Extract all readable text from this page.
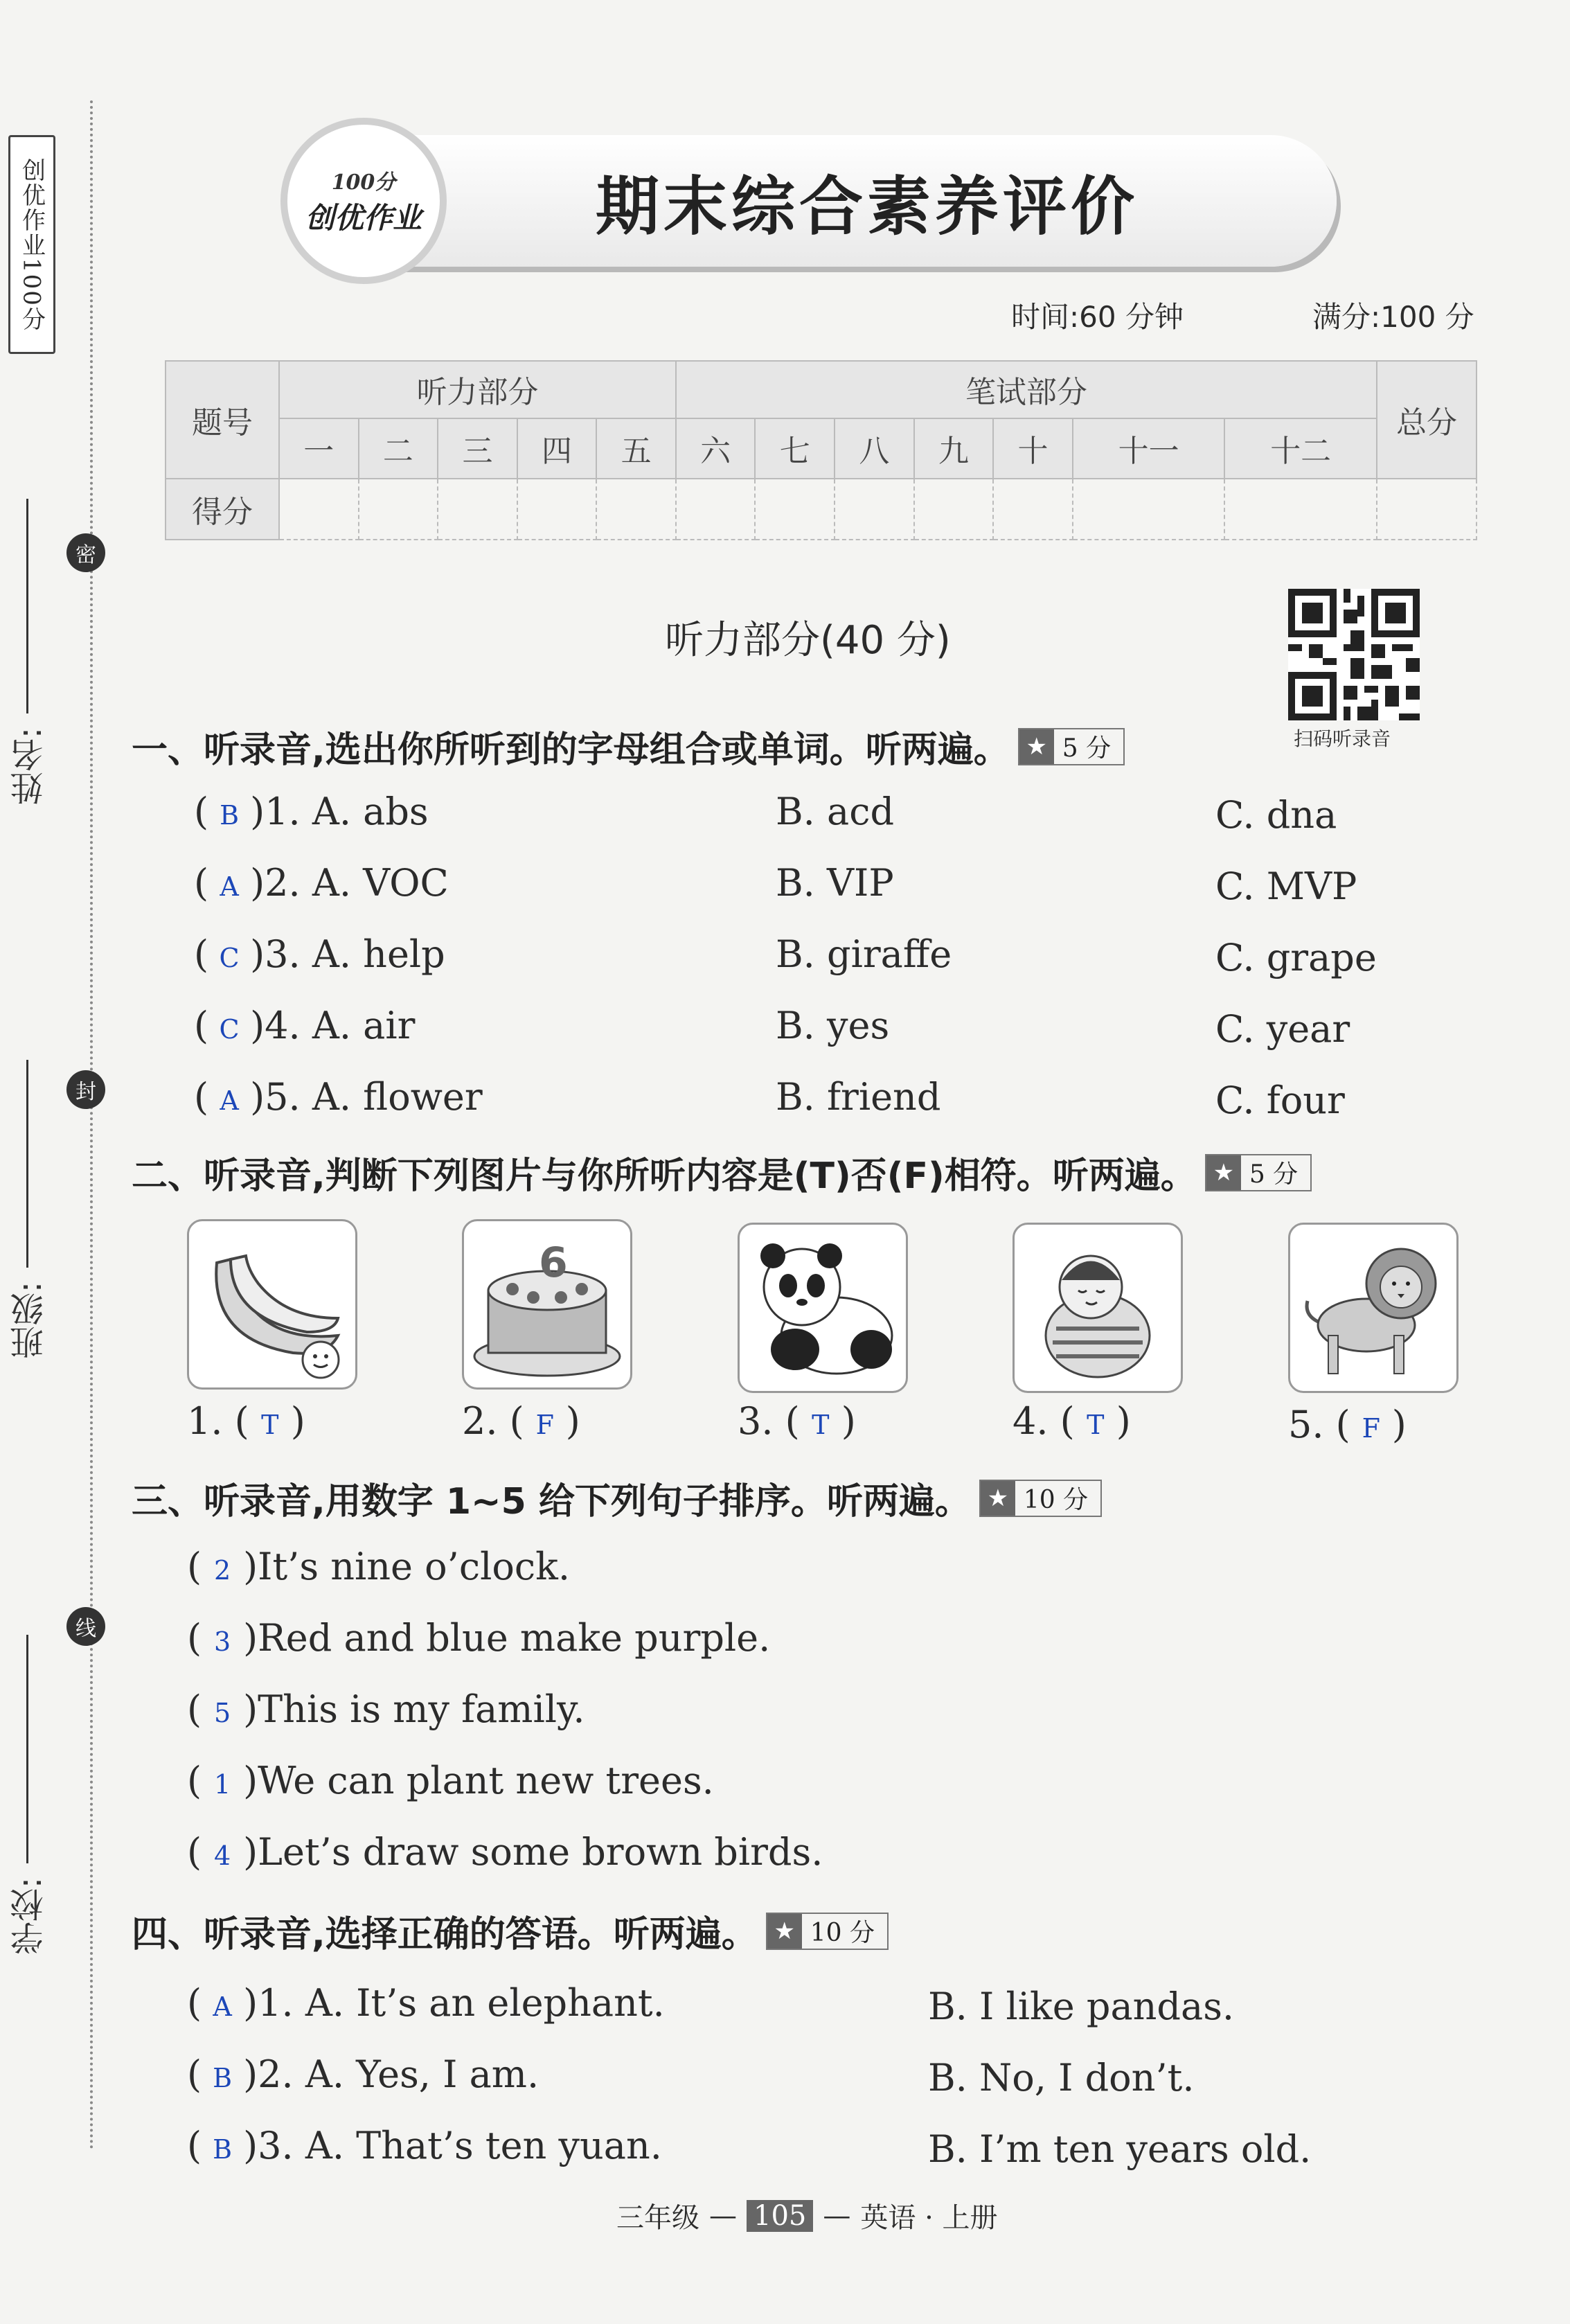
创优作业100分
密
封
线
姓名:
班级:
学校:
100分
创优作业	期末综合素养评价
时间:60 分钟	满分:100 分
题号	听力部分					笔试部分							总分
	一	二	三	四	五	六	七	八	九	十	十一	十二	
得分													
听力部分(40 分)
扫码听录音
一、听录音,选出你所听到的字母组合或单词。听两遍。 ★ 5 分
( B )1. A. abs	B. acd	C. dna
( A )2. A. VOC	B. VIP	C. MVP
( C )3. A. help	B. giraffe	C. grape
( C )4. A. air	B. yes	C. year
( A )5. A. flower	B. friend	C. four
二、听录音,判断下列图片与你所听内容是(T)否(F)相符。听两遍。 ★ 5 分
6
1. ( T )	2. ( F )	3. ( T )	4. ( T )	5. ( F )
三、听录音,用数字 1~5 给下列句子排序。听两遍。 ★ 10 分
( 2 )It’s nine o’clock.
( 3 )Red and blue make purple.
( 5 )This is my family.
( 1 )We can plant new trees.
( 4 )Let’s draw some brown birds.
四、听录音,选择正确的答语。听两遍。 ★ 10 分
( A )1. A. It’s an elephant.	B. I like pandas.
( B )2. A. Yes, I am.	B. No, I don’t.
( B )3. A. That’s ten yuan.	B. I’m ten years old.
三年级 — 105 — 英语 · 上册
